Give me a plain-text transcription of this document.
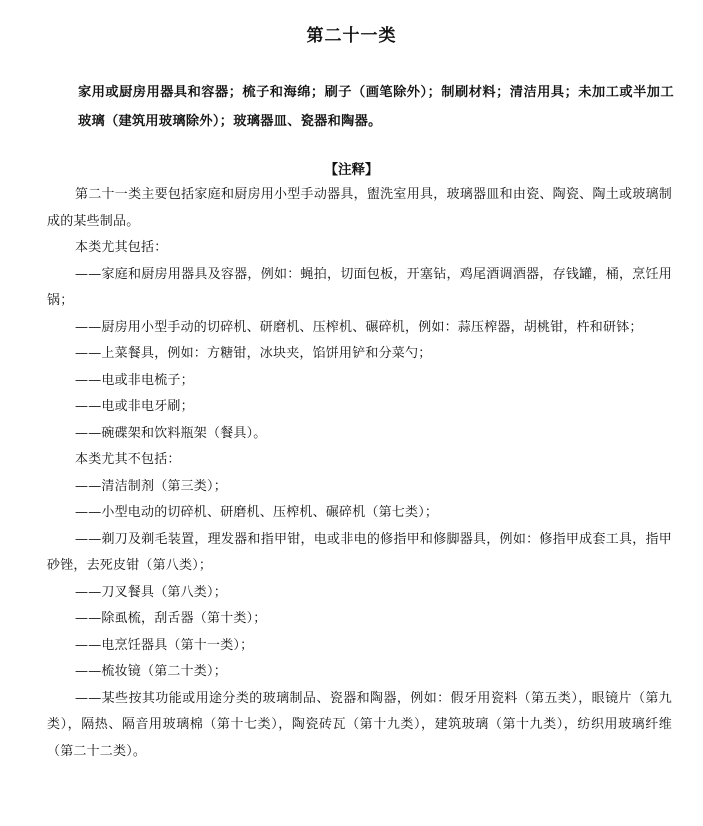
第二十一类
家用或厨房用器具和容器；梳子和海绵；刷子（画笔除外）；制刷材料；清洁用具；未加工或半加工玻璃（建筑用玻璃除外）；玻璃器皿、瓷器和陶器。
【注释】

第二十一类主要包括家庭和厨房用小型手动器具，盥洗室用具，玻璃器皿和由瓷、陶瓷、陶土或玻璃制成的某些制品。

本类尤其包括：

——家庭和厨房用器具及容器，例如：蝇拍，切面包板，开塞钻，鸡尾酒调酒器，存钱罐，桶，烹饪用锅；

——厨房用小型手动的切碎机、研磨机、压榨机、碾碎机，例如：蒜压榨器，胡桃钳，杵和研钵；

——上菜餐具，例如：方糖钳，冰块夹，馅饼用铲和分菜勺；

——电或非电梳子；

——电或非电牙刷；

——碗碟架和饮料瓶架（餐具）。

本类尤其不包括：

——清洁制剂（第三类）；

——小型电动的切碎机、研磨机、压榨机、碾碎机（第七类）；

——剃刀及剃毛装置，理发器和指甲钳，电或非电的修指甲和修脚器具，例如：修指甲成套工具，指甲砂锉，去死皮钳（第八类）；

——刀叉餐具（第八类）；

——除虱梳，刮舌器（第十类）；

——电烹饪器具（第十一类）；

——梳妆镜（第二十类）；

——某些按其功能或用途分类的玻璃制品、瓷器和陶器，例如：假牙用瓷料（第五类），眼镜片（第九类），隔热、隔音用玻璃棉（第十七类），陶瓷砖瓦（第十九类），建筑玻璃（第十九类），纺织用玻璃纤维（第二十二类）。
